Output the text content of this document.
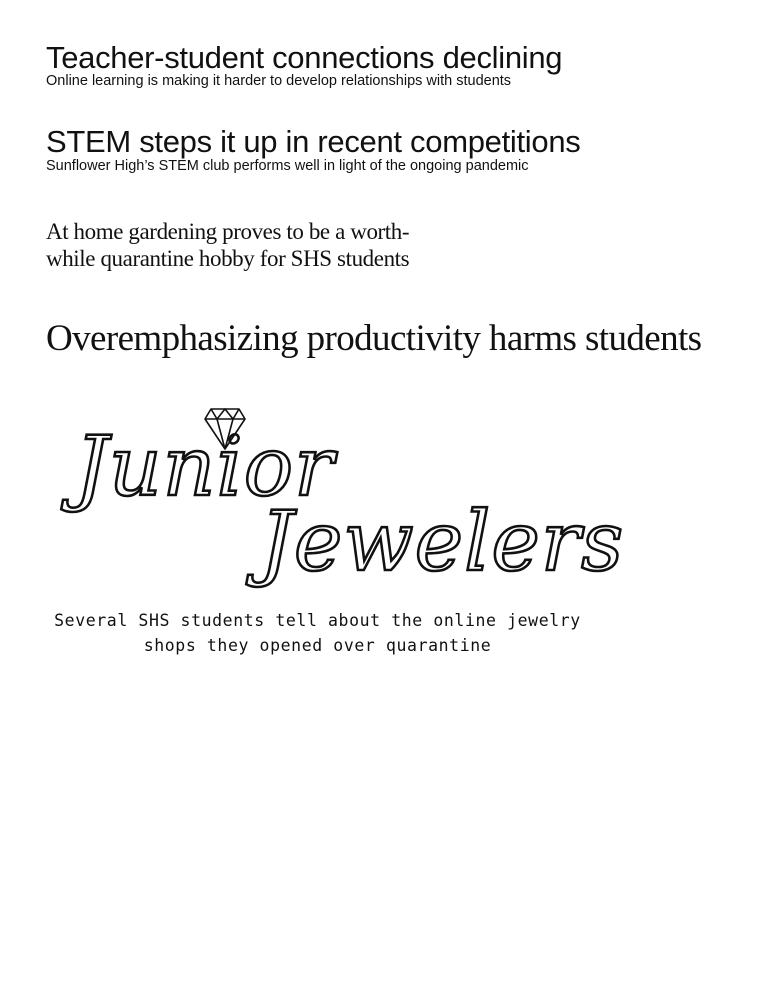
Teacher-student connections declining

Online learning is making it harder to develop relationships with students

STEM steps it up in recent competitions

Sunflower High’s STEM club performs well in light of the ongoing pandemic

At home gardening proves to be a worth-
while quarantine hobby for SHS students
Overemphasizing productivity harms students
Junior
Jewelers

Several SHS students tell about the online jewelry

shops they opened over quarantine
